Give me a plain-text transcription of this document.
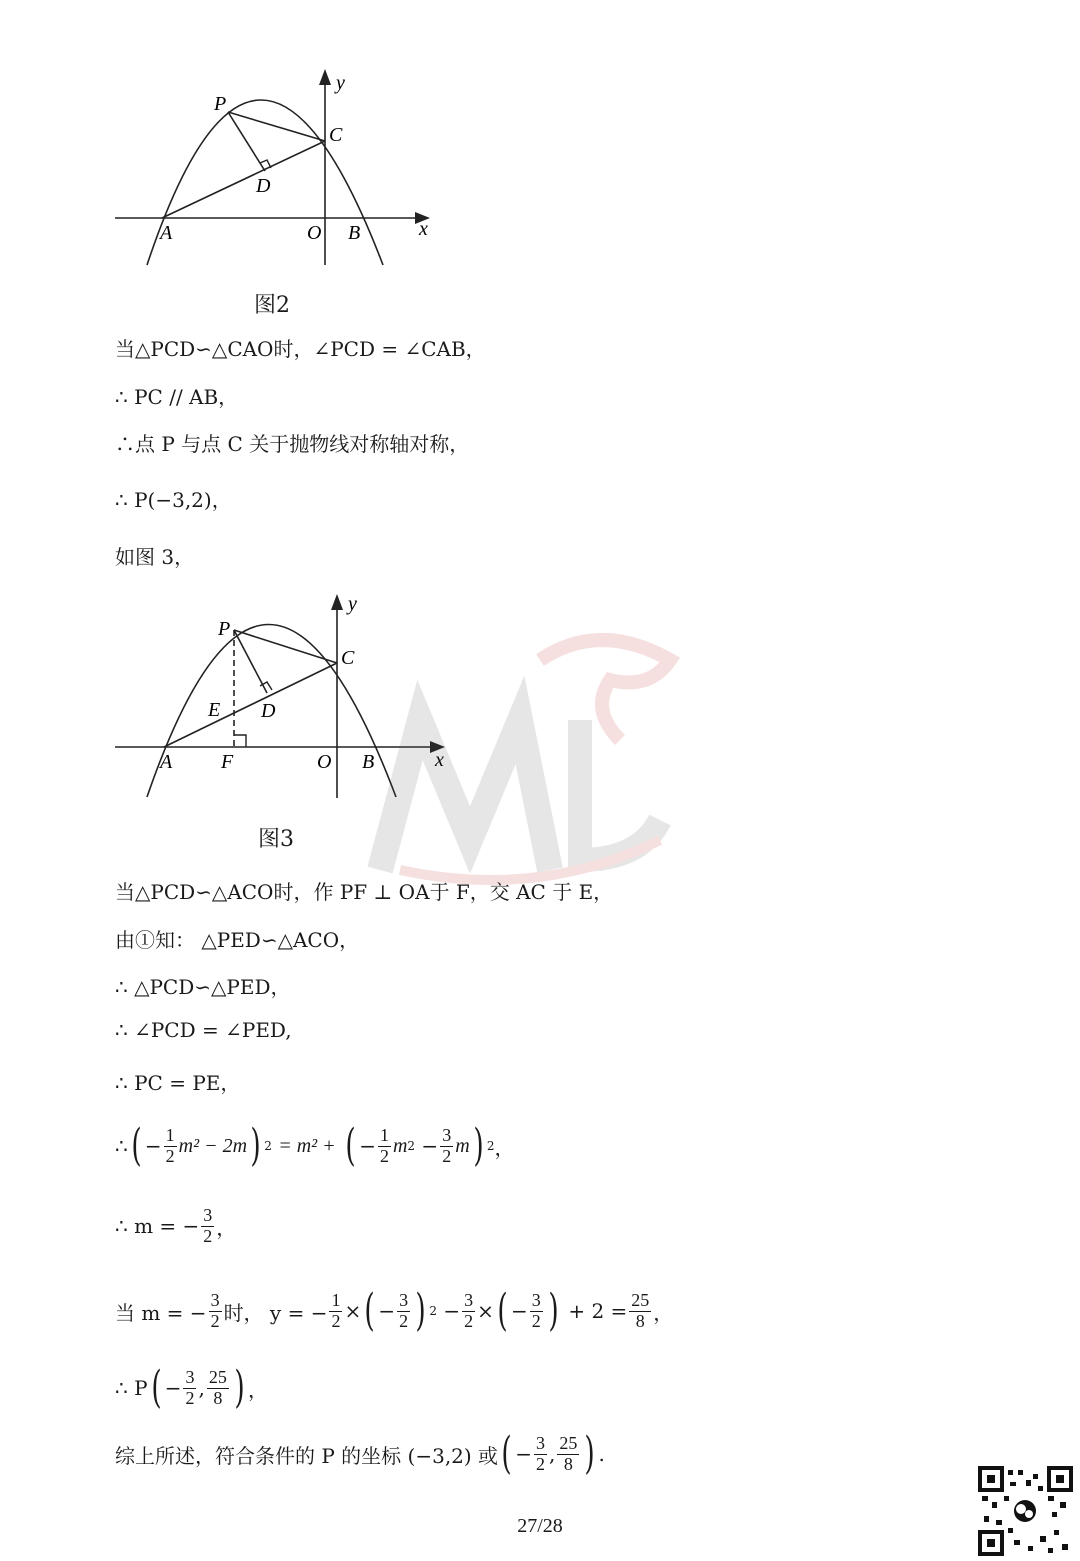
P
C
D
A	O B	x
y
图2
当△PCD∽△CAO时，∠PCD = ∠CAB，
∴ PC // AB，
∴点 P 与点 C 关于抛物线对称轴对称，
∴ P(−3,2)，
如图 3，
P
C
D
E
A F	O B	x
y
图3
当△PCD∽△ACO时，作 PF ⊥ OA于 F，交 AC 于 E，
由①知： △PED∽△ACO，
∴ △PCD∽△PED，
∴ ∠PCD = ∠PED,
∴ PC = PE，
∴ ( − $\frac{1}{2} m^2 - 2m$ ) 2
= m² +
( − $\frac{1}{2}$ m $2 - \frac{3}{2}$ m ) 2 ，
∴ m = − $\frac{3}{2}$ ，
当 m = − $\frac{3}{2}$ 时， y = − $\frac{1}{2}$ × ( − $\frac{3}{2}$ ) $2 - \frac{3}{2}$ × ( − $\frac{3}{2}$ )
+ $2 = \frac{25}{8}$ ，
∴ P ( − $\frac{3}{2}$ , $\frac{25}{8}$ ) ，
综上所述，符合条件的 P 的坐标 (−3,2) 或 ( − $\frac{3}{2}$ , $\frac{25}{8}$ ) .
27/28
